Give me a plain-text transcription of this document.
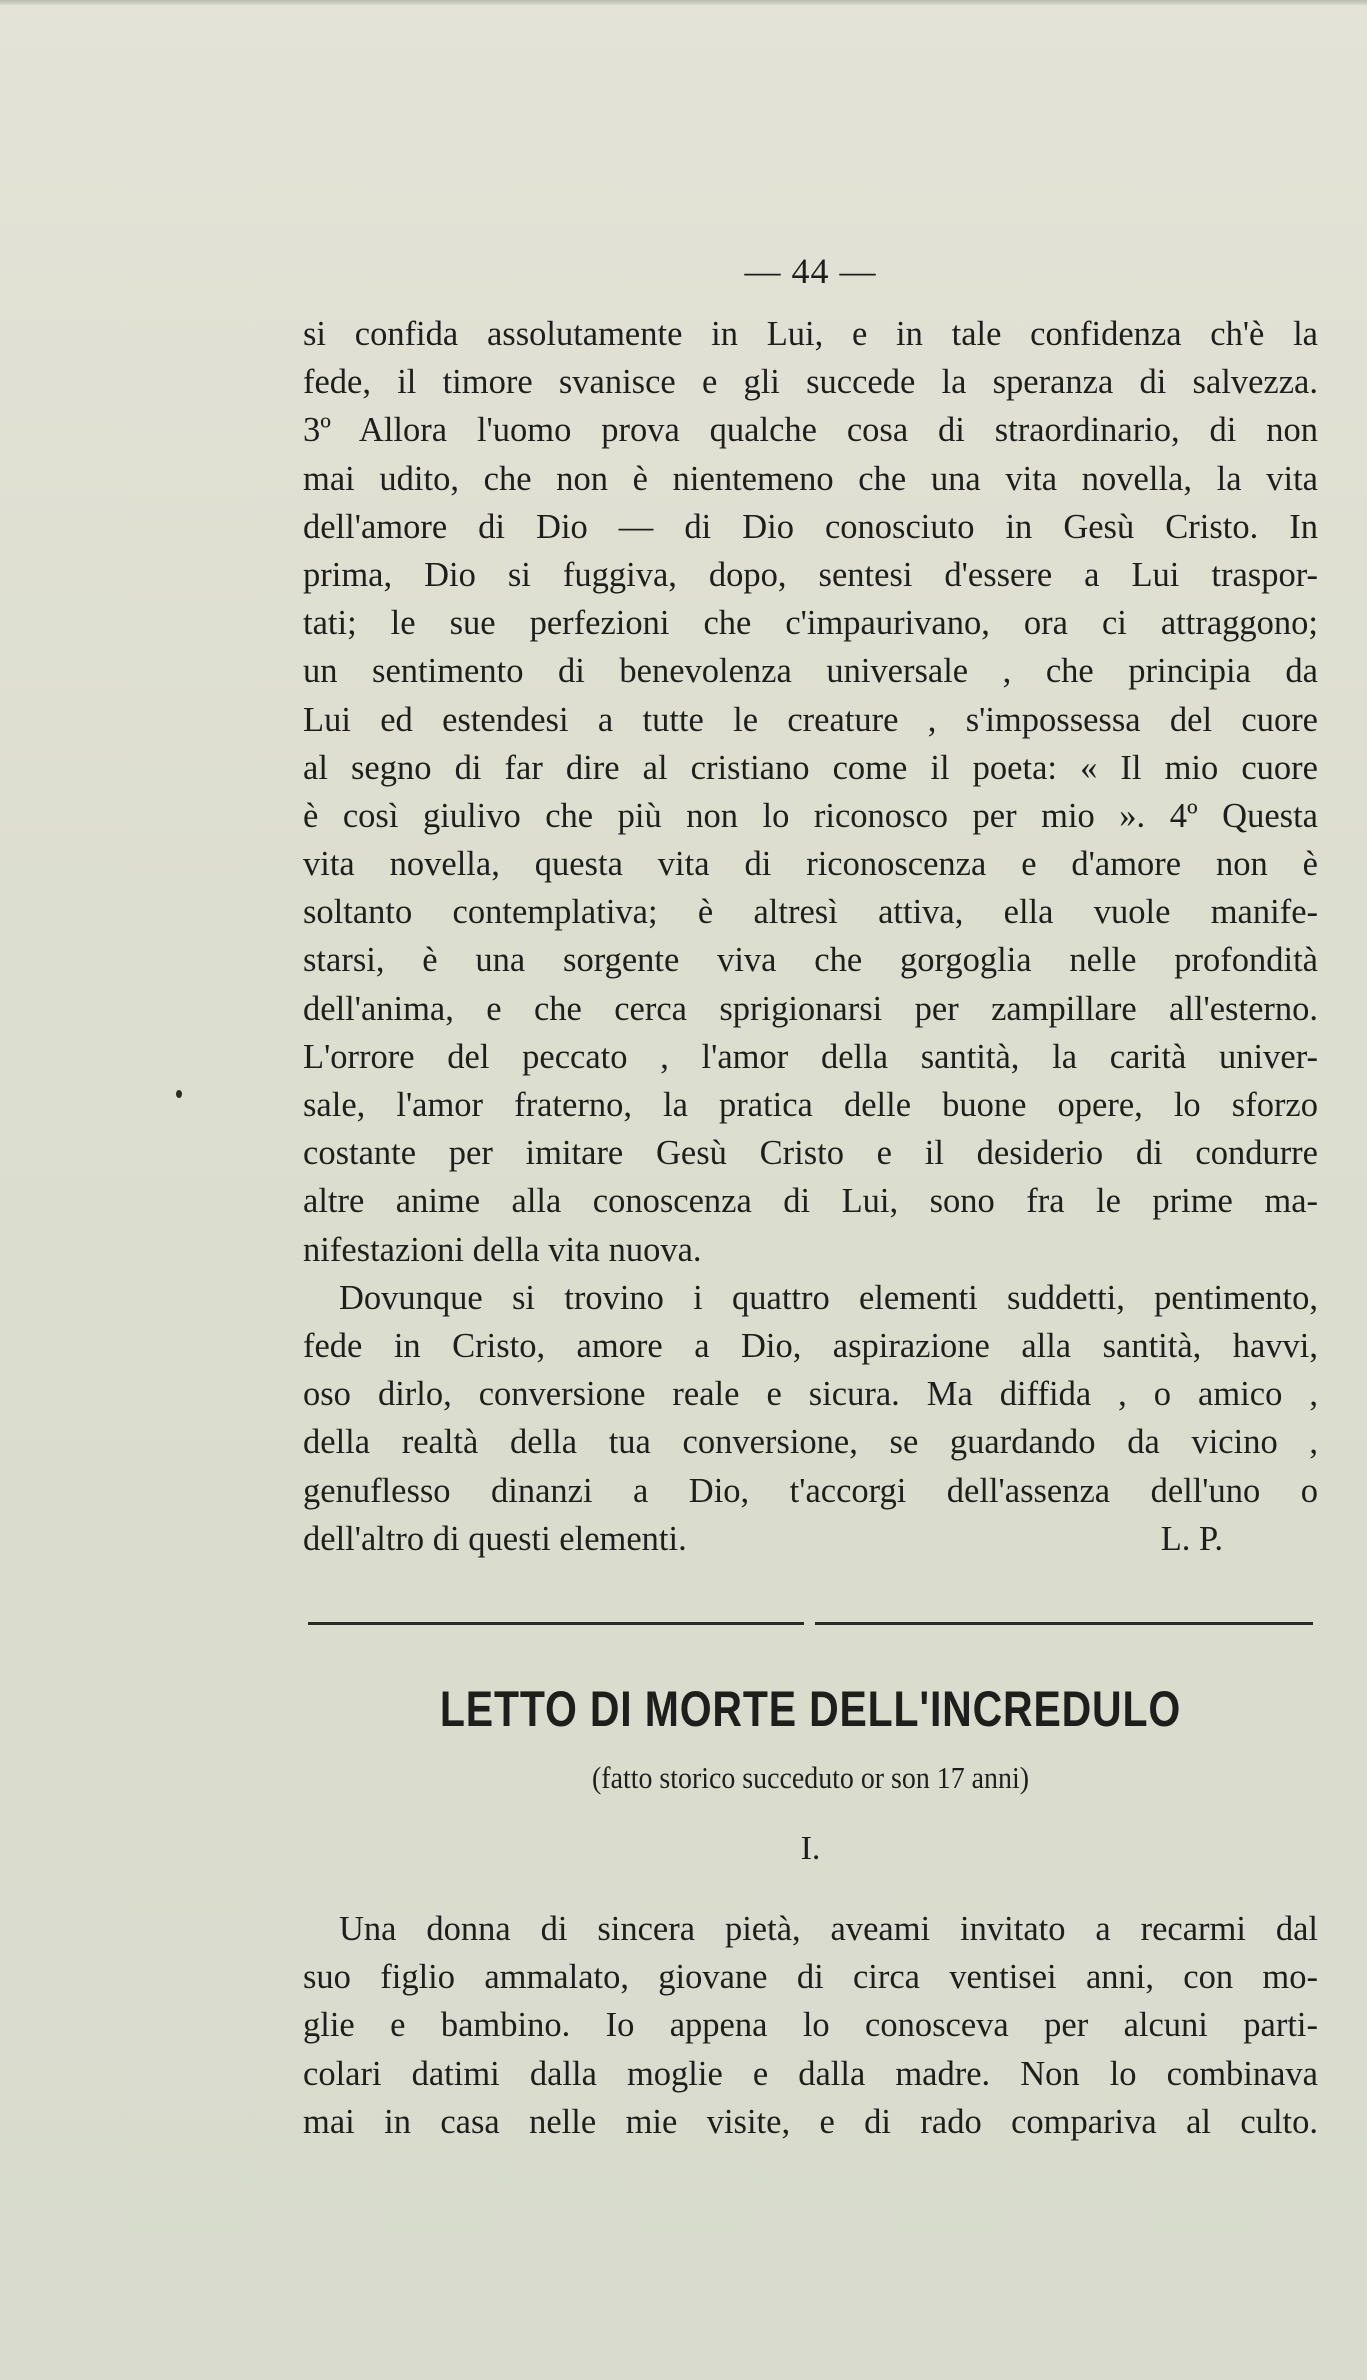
— 44 —
si confida assolutamente in Lui, e in tale confidenza ch'è la
fede, il timore svanisce e gli succede la speranza di salvezza.
3º Allora l'uomo prova qualche cosa di straordinario, di non
mai udito, che non è nientemeno che una vita novella, la vita
dell'amore di Dio — di Dio conosciuto in Gesù Cristo. In
prima, Dio si fuggiva, dopo, sentesi d'essere a Lui traspor-
tati; le sue perfezioni che c'impaurivano, ora ci attraggono;
un sentimento di benevolenza universale , che principia da
Lui ed estendesi a tutte le creature , s'impossessa del cuore
al segno di far dire al cristiano come il poeta: « Il mio cuore
è così giulivo che più non lo riconosco per mio ». 4º Questa
vita novella, questa vita di riconoscenza e d'amore non è
soltanto contemplativa; è altresì attiva, ella vuole manife-
starsi, è una sorgente viva che gorgoglia nelle profondità
dell'anima, e che cerca sprigionarsi per zampillare all'esterno.
L'orrore del peccato , l'amor della santità, la carità univer-
sale, l'amor fraterno, la pratica delle buone opere, lo sforzo
costante per imitare Gesù Cristo e il desiderio di condurre
altre anime alla conoscenza di Lui, sono fra le prime ma-
nifestazioni della vita nuova.
Dovunque si trovino i quattro elementi suddetti, pentimento,
fede in Cristo, amore a Dio, aspirazione alla santità, havvi,
oso dirlo, conversione reale e sicura. Ma diffida , o amico ,
della realtà della tua conversione, se guardando da vicino ,
genuflesso dinanzi a Dio, t'accorgi dell'assenza dell'uno o
dell'altro di questi elementi.	L. P.
LETTO DI MORTE DELL'INCREDULO
(fatto storico succeduto or son 17 anni)
I.
Una donna di sincera pietà, aveami invitato a recarmi dal
suo figlio ammalato, giovane di circa ventisei anni, con mo-
glie e bambino. Io appena lo conosceva per alcuni parti-
colari datimi dalla moglie e dalla madre. Non lo combinava
mai in casa nelle mie visite, e di rado compariva al culto.
